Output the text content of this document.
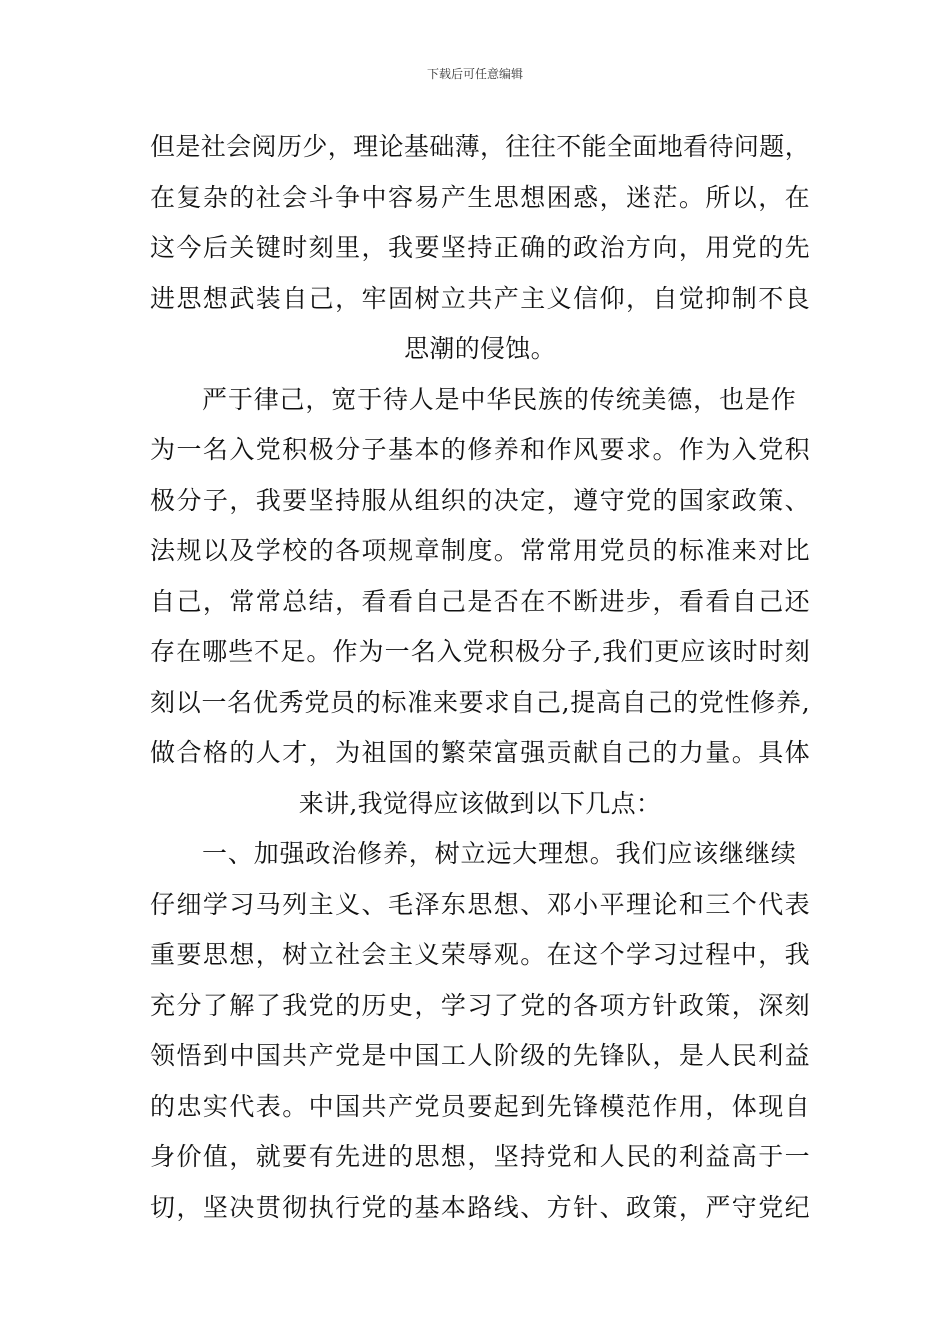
下载后可任意编辑
但是社会阅历少，理论基础薄，往往不能全面地看待问题，
在复杂的社会斗争中容易产生思想困惑，迷茫。所以，在
这今后关键时刻里，我要坚持正确的政治方向，用党的先
进思想武装自己，牢固树立共产主义信仰，自觉抑制不良
思潮的侵蚀。
严于律己，宽于待人是中华民族的传统美德，也是作
为一名入党积极分子基本的修养和作风要求。作为入党积
极分子，我要坚持服从组织的决定，遵守党的国家政策、
法规以及学校的各项规章制度。常常用党员的标准来对比
自己，常常总结，看看自己是否在不断进步，看看自己还
存在哪些不足。作为一名入党积极分子,我们更应该时时刻
刻以一名优秀党员的标准来要求自己,提高自己的党性修养,
做合格的人才，为祖国的繁荣富强贡献自己的力量。具体
来讲,我觉得应该做到以下几点：
一、加强政治修养，树立远大理想。我们应该继继续
仔细学习马列主义、毛泽东思想、邓小平理论和三个代表
重要思想，树立社会主义荣辱观。在这个学习过程中，我
充分了解了我党的历史，学习了党的各项方针政策，深刻
领悟到中国共产党是中国工人阶级的先锋队，是人民利益
的忠实代表。中国共产党员要起到先锋模范作用，体现自
身价值，就要有先进的思想，坚持党和人民的利益高于一
切，坚决贯彻执行党的基本路线、方针、政策，严守党纪
